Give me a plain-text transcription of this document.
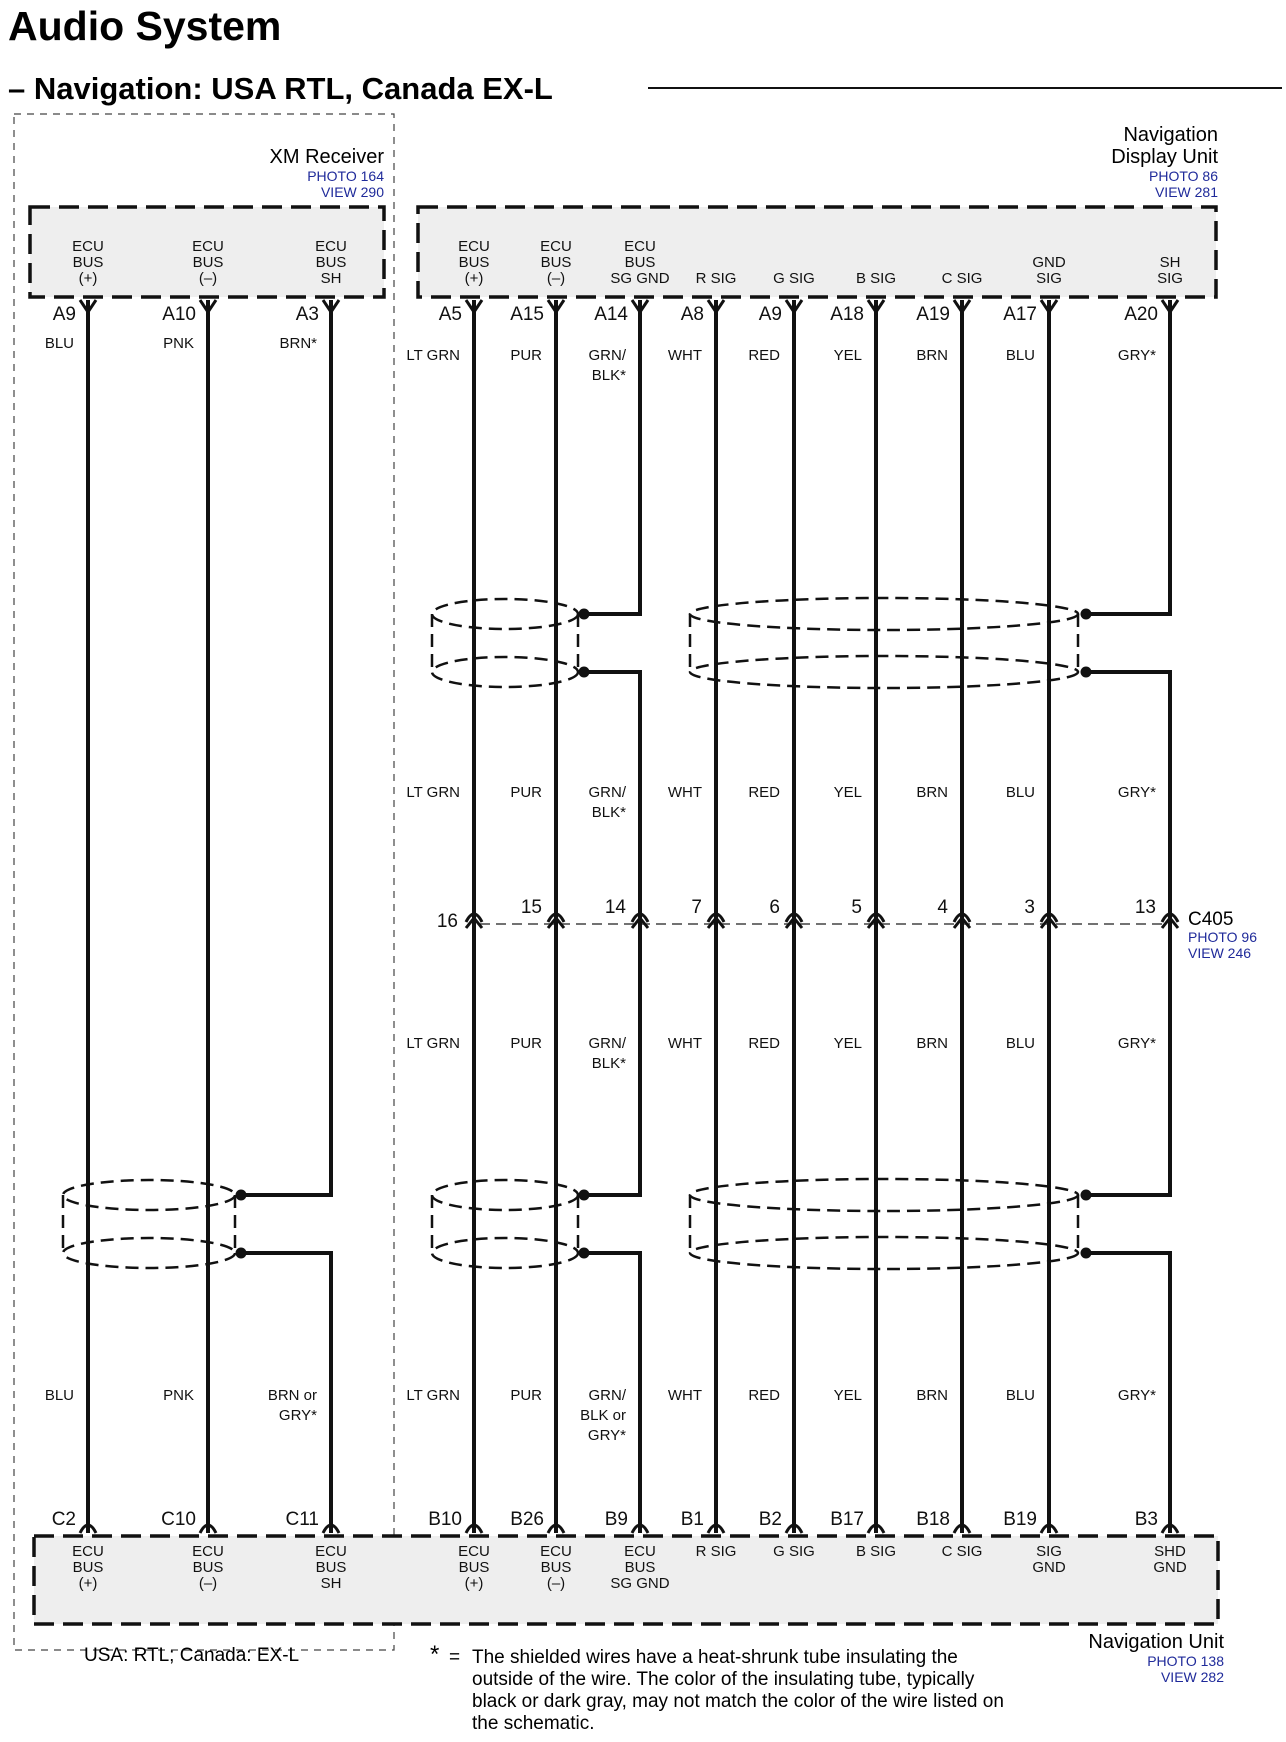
Audio System
– Navigation: USA RTL, Canada EX-L
XM Receiver
PHOTO 164
VIEW 290
Navigation
Display Unit
PHOTO 86
VIEW 281
C405
PHOTO 96
VIEW 246
Navigation Unit
PHOTO 138
VIEW 282
ECU
BUS
(+)
A9
ECU
BUS
(+)
C2
BLU
BLU
ECU
BUS
(–)
A10
ECU
BUS
(–)
C10
PNK
PNK
ECU
BUS
SH
A3
ECU
BUS
SH
C11
BRN*
BRN or
GRY*
ECU
BUS
(+)
A5
ECU
BUS
(+)
B10
LT GRN
LT GRN
LT GRN
LT GRN
16
ECU
BUS
(–)
A15
ECU
BUS
(–)
B26
PUR
PUR
PUR
PUR
15
ECU
BUS
SG GND
A14
ECU
BUS
SG GND
B9
GRN/
BLK*
GRN/
BLK*
GRN/
BLK*
GRN/
BLK or
GRY*
14
R SIG
A8
R SIG
B1
WHT
WHT
WHT
WHT
7
G SIG
A9
G SIG
B2
RED
RED
RED
RED
6
B SIG
A18
B SIG
B17
YEL
YEL
YEL
YEL
5
C SIG
A19
C SIG
B18
BRN
BRN
BRN
BRN
4
GND
SIG
A17
SIG
GND
B19
BLU
BLU
BLU
BLU
3
SH
SIG
A20
SHD
GND
B3
GRY*
GRY*
GRY*
GRY*
13
USA: RTL; Canada: EX-L	* = The shielded wires have a heat-shrunk tube insulating the
outside of the wire. The color of the insulating tube, typically
black or dark gray, may not match the color of the wire listed on
the schematic.
